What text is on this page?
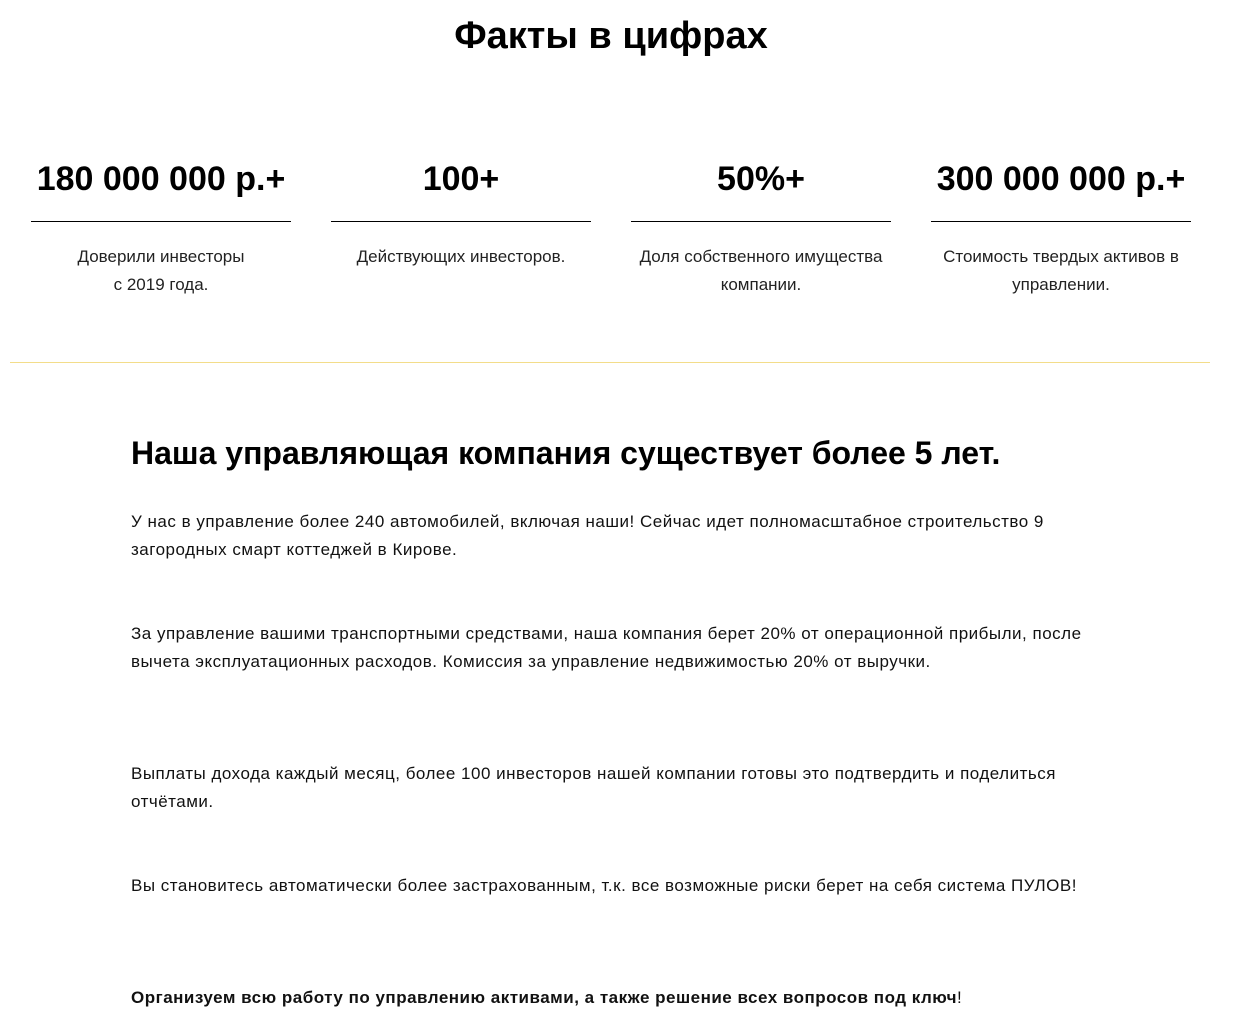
Факты в цифрах
180 000 000 р.+
Доверили инвесторы
с 2019 года.
100+
Действующих инвесторов.
50%+
Доля собственного имущества
компании.
300 000 000 р.+
Стоимость твердых активов в
управлении.
Наша управляющая компания существует более 5 лет.

У нас в управление более 240 автомобилей, включая наши! Сейчас идет полномасштабное строительство 9 загородных смарт коттеджей в Кирове.

За управление вашими транспортными средствами, наша компания берет 20% от операционной прибыли, после вычета эксплуатационных расходов. Комиссия за управление недвижимостью 20% от выручки.

Выплаты дохода каждый месяц, более 100 инвесторов нашей компании готовы это подтвердить и поделиться отчётами.

Вы становитесь автоматически более застрахованным, т.к. все возможные риски берет на себя система ПУЛОВ!

Организуем всю работу по управлению активами, а также решение всех вопросов под ключ!
